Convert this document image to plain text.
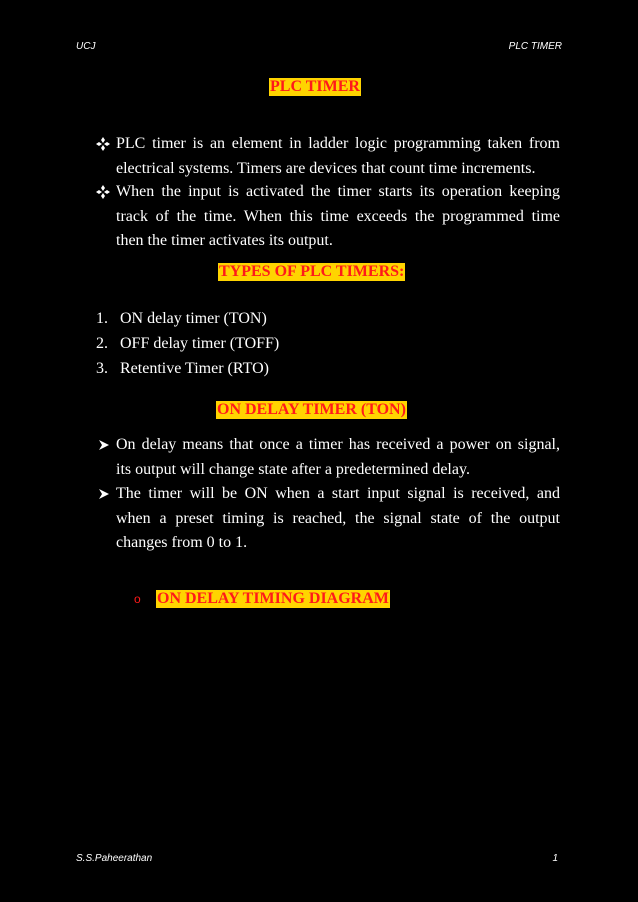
UCJ	PLC TIMER
PLC TIMER
PLC timer is an element in ladder logic programming taken from
electrical systems. Timers are devices that count time increments.
When the input is activated the timer starts its operation keeping
track of the time. When this time exceeds the programmed time
then the timer activates its output.
TYPES OF PLC TIMERS:
1. ON delay timer (TON)
2. OFF delay timer (TOFF)
3. Retentive Timer (RTO)
ON DELAY TIMER (TON)
On delay means that once a timer has received a power on signal,
its output will change state after a predetermined delay.
The timer will be ON when a start input signal is received, and
when a preset timing is reached, the signal state of the output
changes from 0 to 1.
o ON DELAY TIMING DIAGRAM
S.S.Paheerathan	1
